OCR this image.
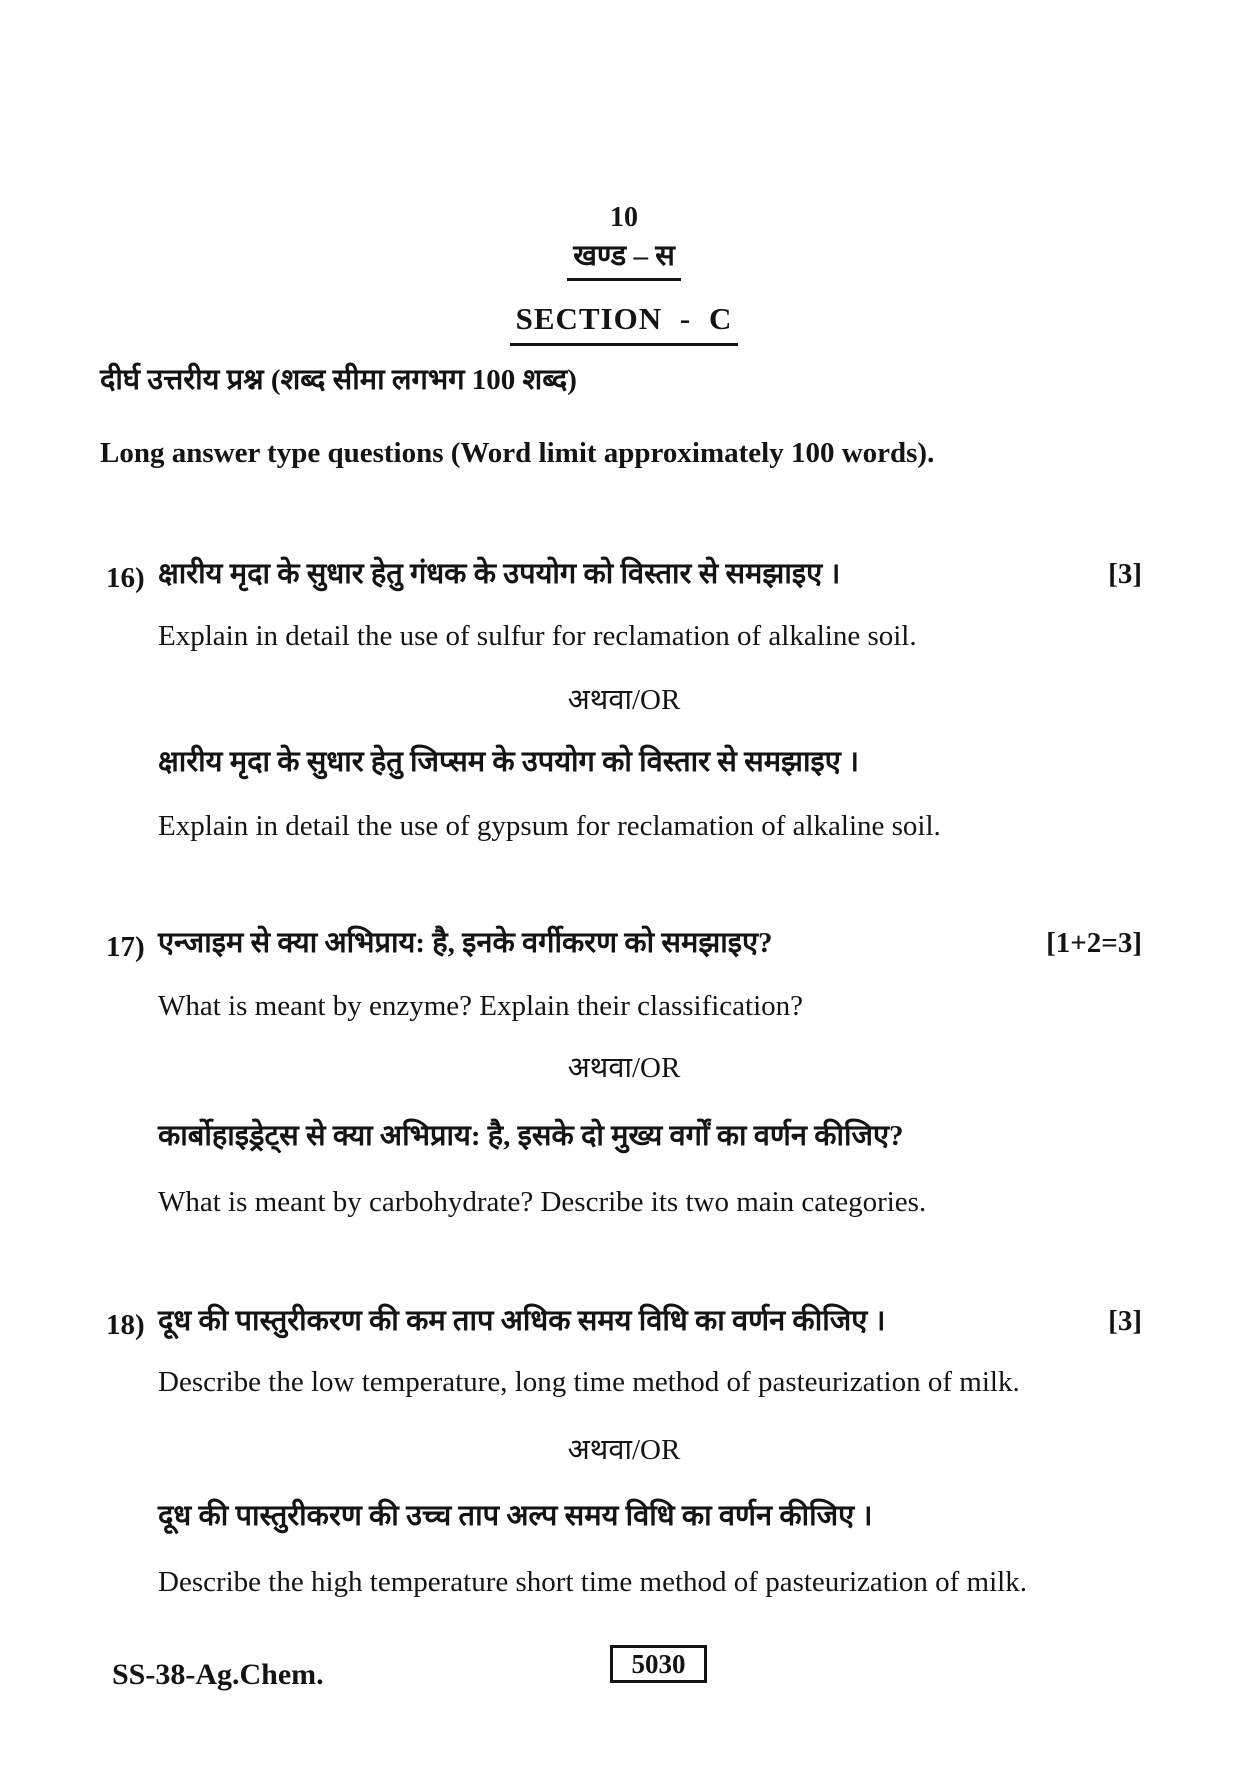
10
खण्ड – स
SECTION - C
दीर्घ उत्तरीय प्रश्न (शब्द सीमा लगभग 100 शब्द)
Long answer type questions (Word limit approximately 100 words).
16) क्षारीय मृदा के सुधार हेतु गंधक के उपयोग को विस्तार से समझाइए ।	[3]
Explain in detail the use of sulfur for reclamation of alkaline soil.
अथवा/OR
क्षारीय मृदा के सुधार हेतु जिप्सम के उपयोग को विस्तार से समझाइए ।
Explain in detail the use of gypsum for reclamation of alkaline soil.
17) एन्जाइम से क्या अभिप्राय: है, इनके वर्गीकरण को समझाइए?	[1+2=3]
What is meant by enzyme? Explain their classification?
अथवा/OR
कार्बोहाइड्रेट्स से क्या अभिप्राय: है, इसके दो मुख्य वर्गों का वर्णन कीजिए?
What is meant by carbohydrate? Describe its two main categories.
18) दूध की पास्तुरीकरण की कम ताप अधिक समय विधि का वर्णन कीजिए ।	[3]
Describe the low temperature, long time method of pasteurization of milk.
अथवा/OR
दूध की पास्तुरीकरण की उच्च ताप अल्प समय विधि का वर्णन कीजिए ।
Describe the high temperature short time method of pasteurization of milk.
SS-38-Ag.Chem.	5030
